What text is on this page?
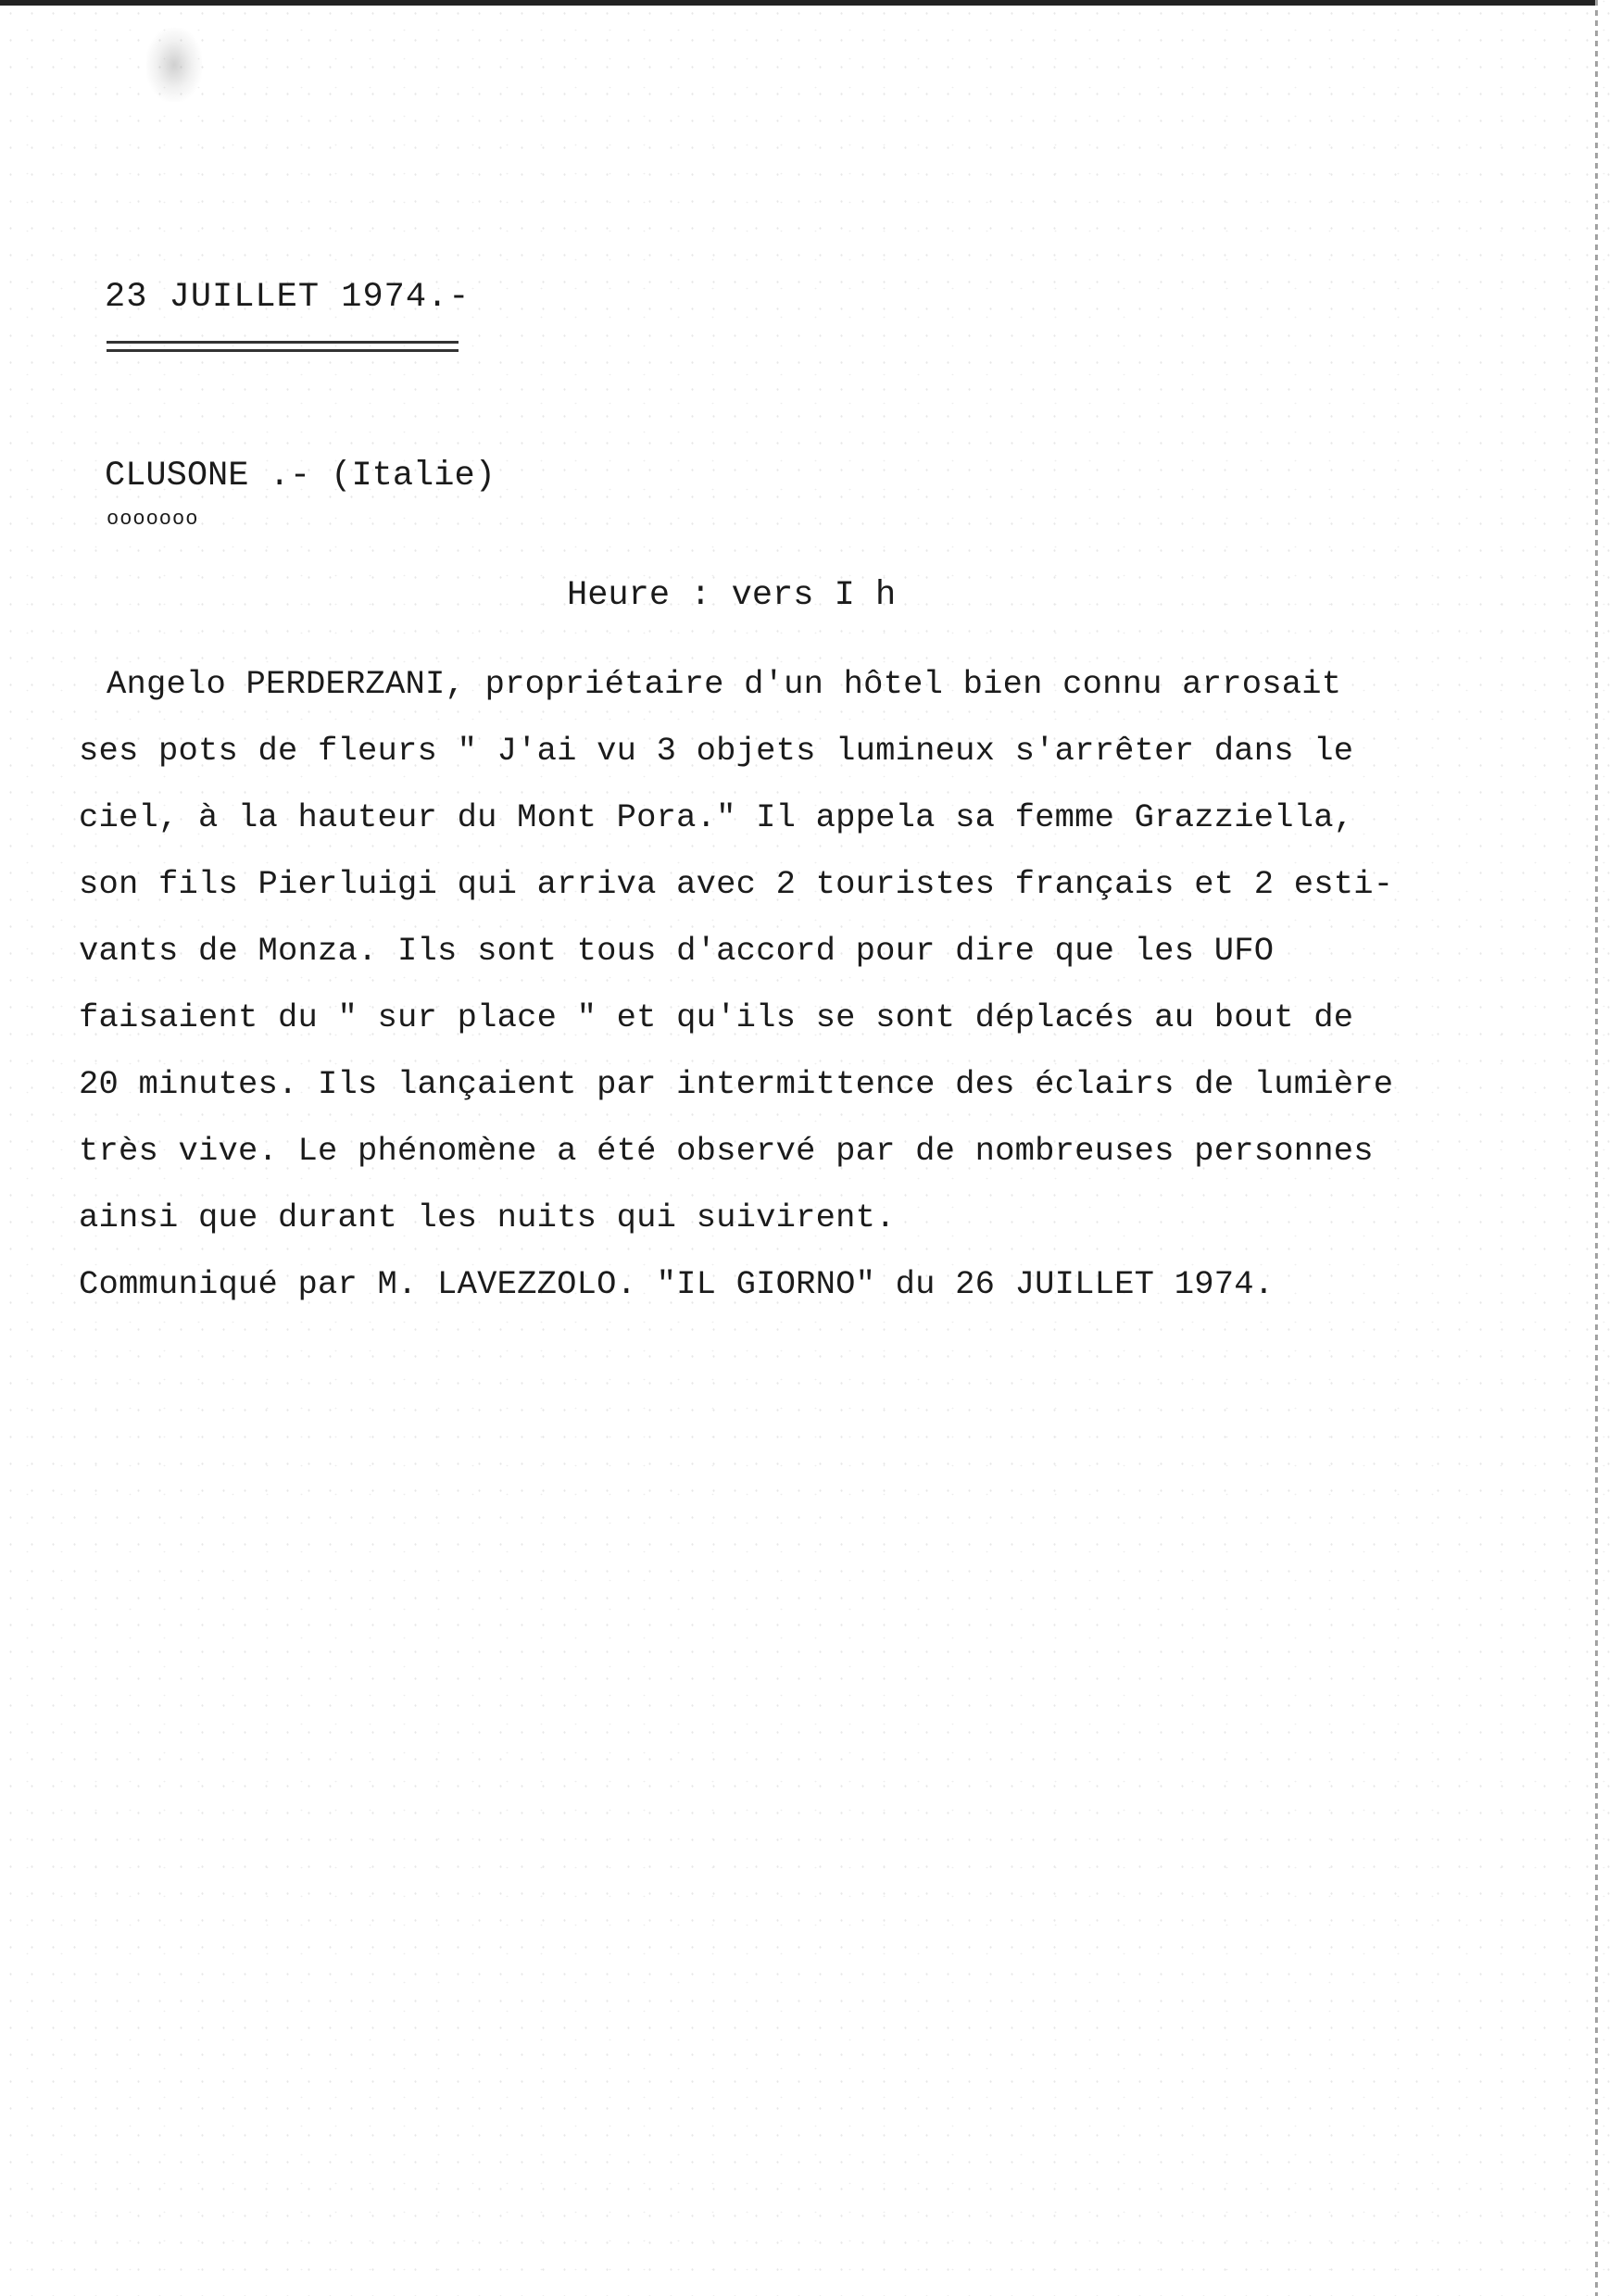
23 JUILLET 1974.-
CLUSONE .- (Italie)
ooooooo
Heure : vers I h
Angelo PERDERZANI, propriétaire d'un hôtel bien connu arrosait
ses pots de fleurs " J'ai vu 3 objets lumineux s'arrêter dans le
ciel, à la hauteur du Mont Pora." Il appela sa femme Grazziella,
son fils Pierluigi qui arriva avec 2 touristes français et 2 esti-
vants de Monza. Ils sont tous d'accord pour dire que les UFO
faisaient du " sur place " et qu'ils se sont déplacés au bout de
20 minutes. Ils lançaient par intermittence des éclairs de lumière
très vive. Le phénomène a été observé par de nombreuses personnes
ainsi que durant les nuits qui suivirent.
Communiqué par M. LAVEZZOLO. "IL GIORNO" du 26 JUILLET 1974.
